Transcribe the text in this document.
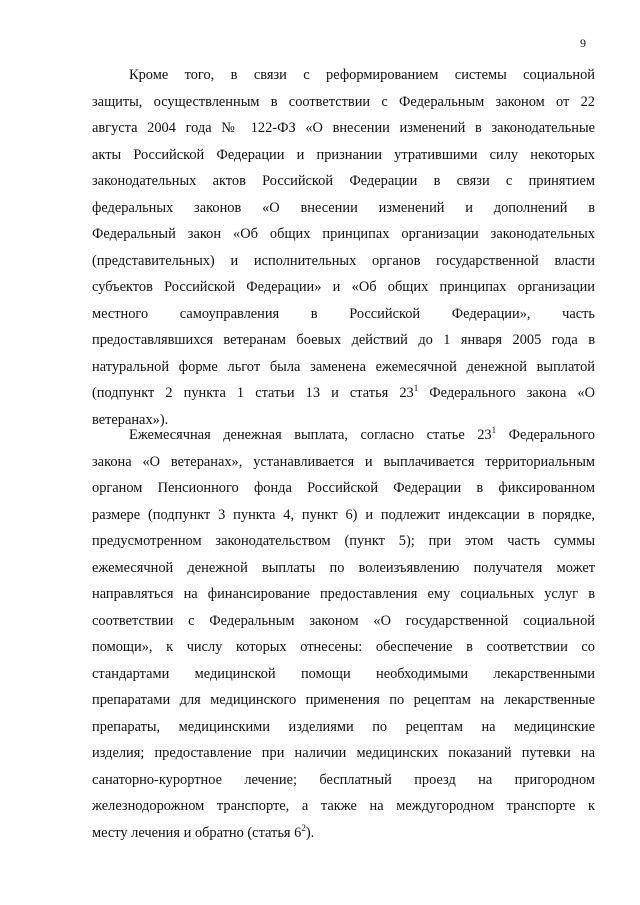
9
Кроме того, в связи с реформированием системы социальной
защиты, осуществленным в соответствии с Федеральным законом от 22
августа 2004 года № 122-ФЗ «О внесении изменений в законодательные
акты Российской Федерации и признании утратившими силу некоторых
законодательных актов Российской Федерации в связи с принятием
федеральных законов «О внесении изменений и дополнений в
Федеральный закон «Об общих принципах организации законодательных
(представительных) и исполнительных органов государственной власти
субъектов Российской Федерации» и «Об общих принципах организации
местного самоуправления в Российской Федерации», часть
предоставлявшихся ветеранам боевых действий до 1 января 2005 года в
натуральной форме льгот была заменена ежемесячной денежной выплатой
(подпункт 2 пункта 1 статьи 13 и статья $23^1$ Федерального закона «О
ветеранах»).
Ежемесячная денежная выплата, согласно статье $23^1$ Федерального
закона «О ветеранах», устанавливается и выплачивается территориальным
органом Пенсионного фонда Российской Федерации в фиксированном
размере (подпункт 3 пункта 4, пункт 6) и подлежит индексации в порядке,
предусмотренном законодательством (пункт 5); при этом часть суммы
ежемесячной денежной выплаты по волеизъявлению получателя может
направляться на финансирование предоставления ему социальных услуг в
соответствии с Федеральным законом «О государственной социальной
помощи», к числу которых отнесены: обеспечение в соответствии со
стандартами медицинской помощи необходимыми лекарственными
препаратами для медицинского применения по рецептам на лекарственные
препараты, медицинскими изделиями по рецептам на медицинские
изделия; предоставление при наличии медицинских показаний путевки на
санаторно-курортное лечение; бесплатный проезд на пригородном
железнодорожном транспорте, а также на междугородном транспорте к
месту лечения и обратно (статья $6^2$).
